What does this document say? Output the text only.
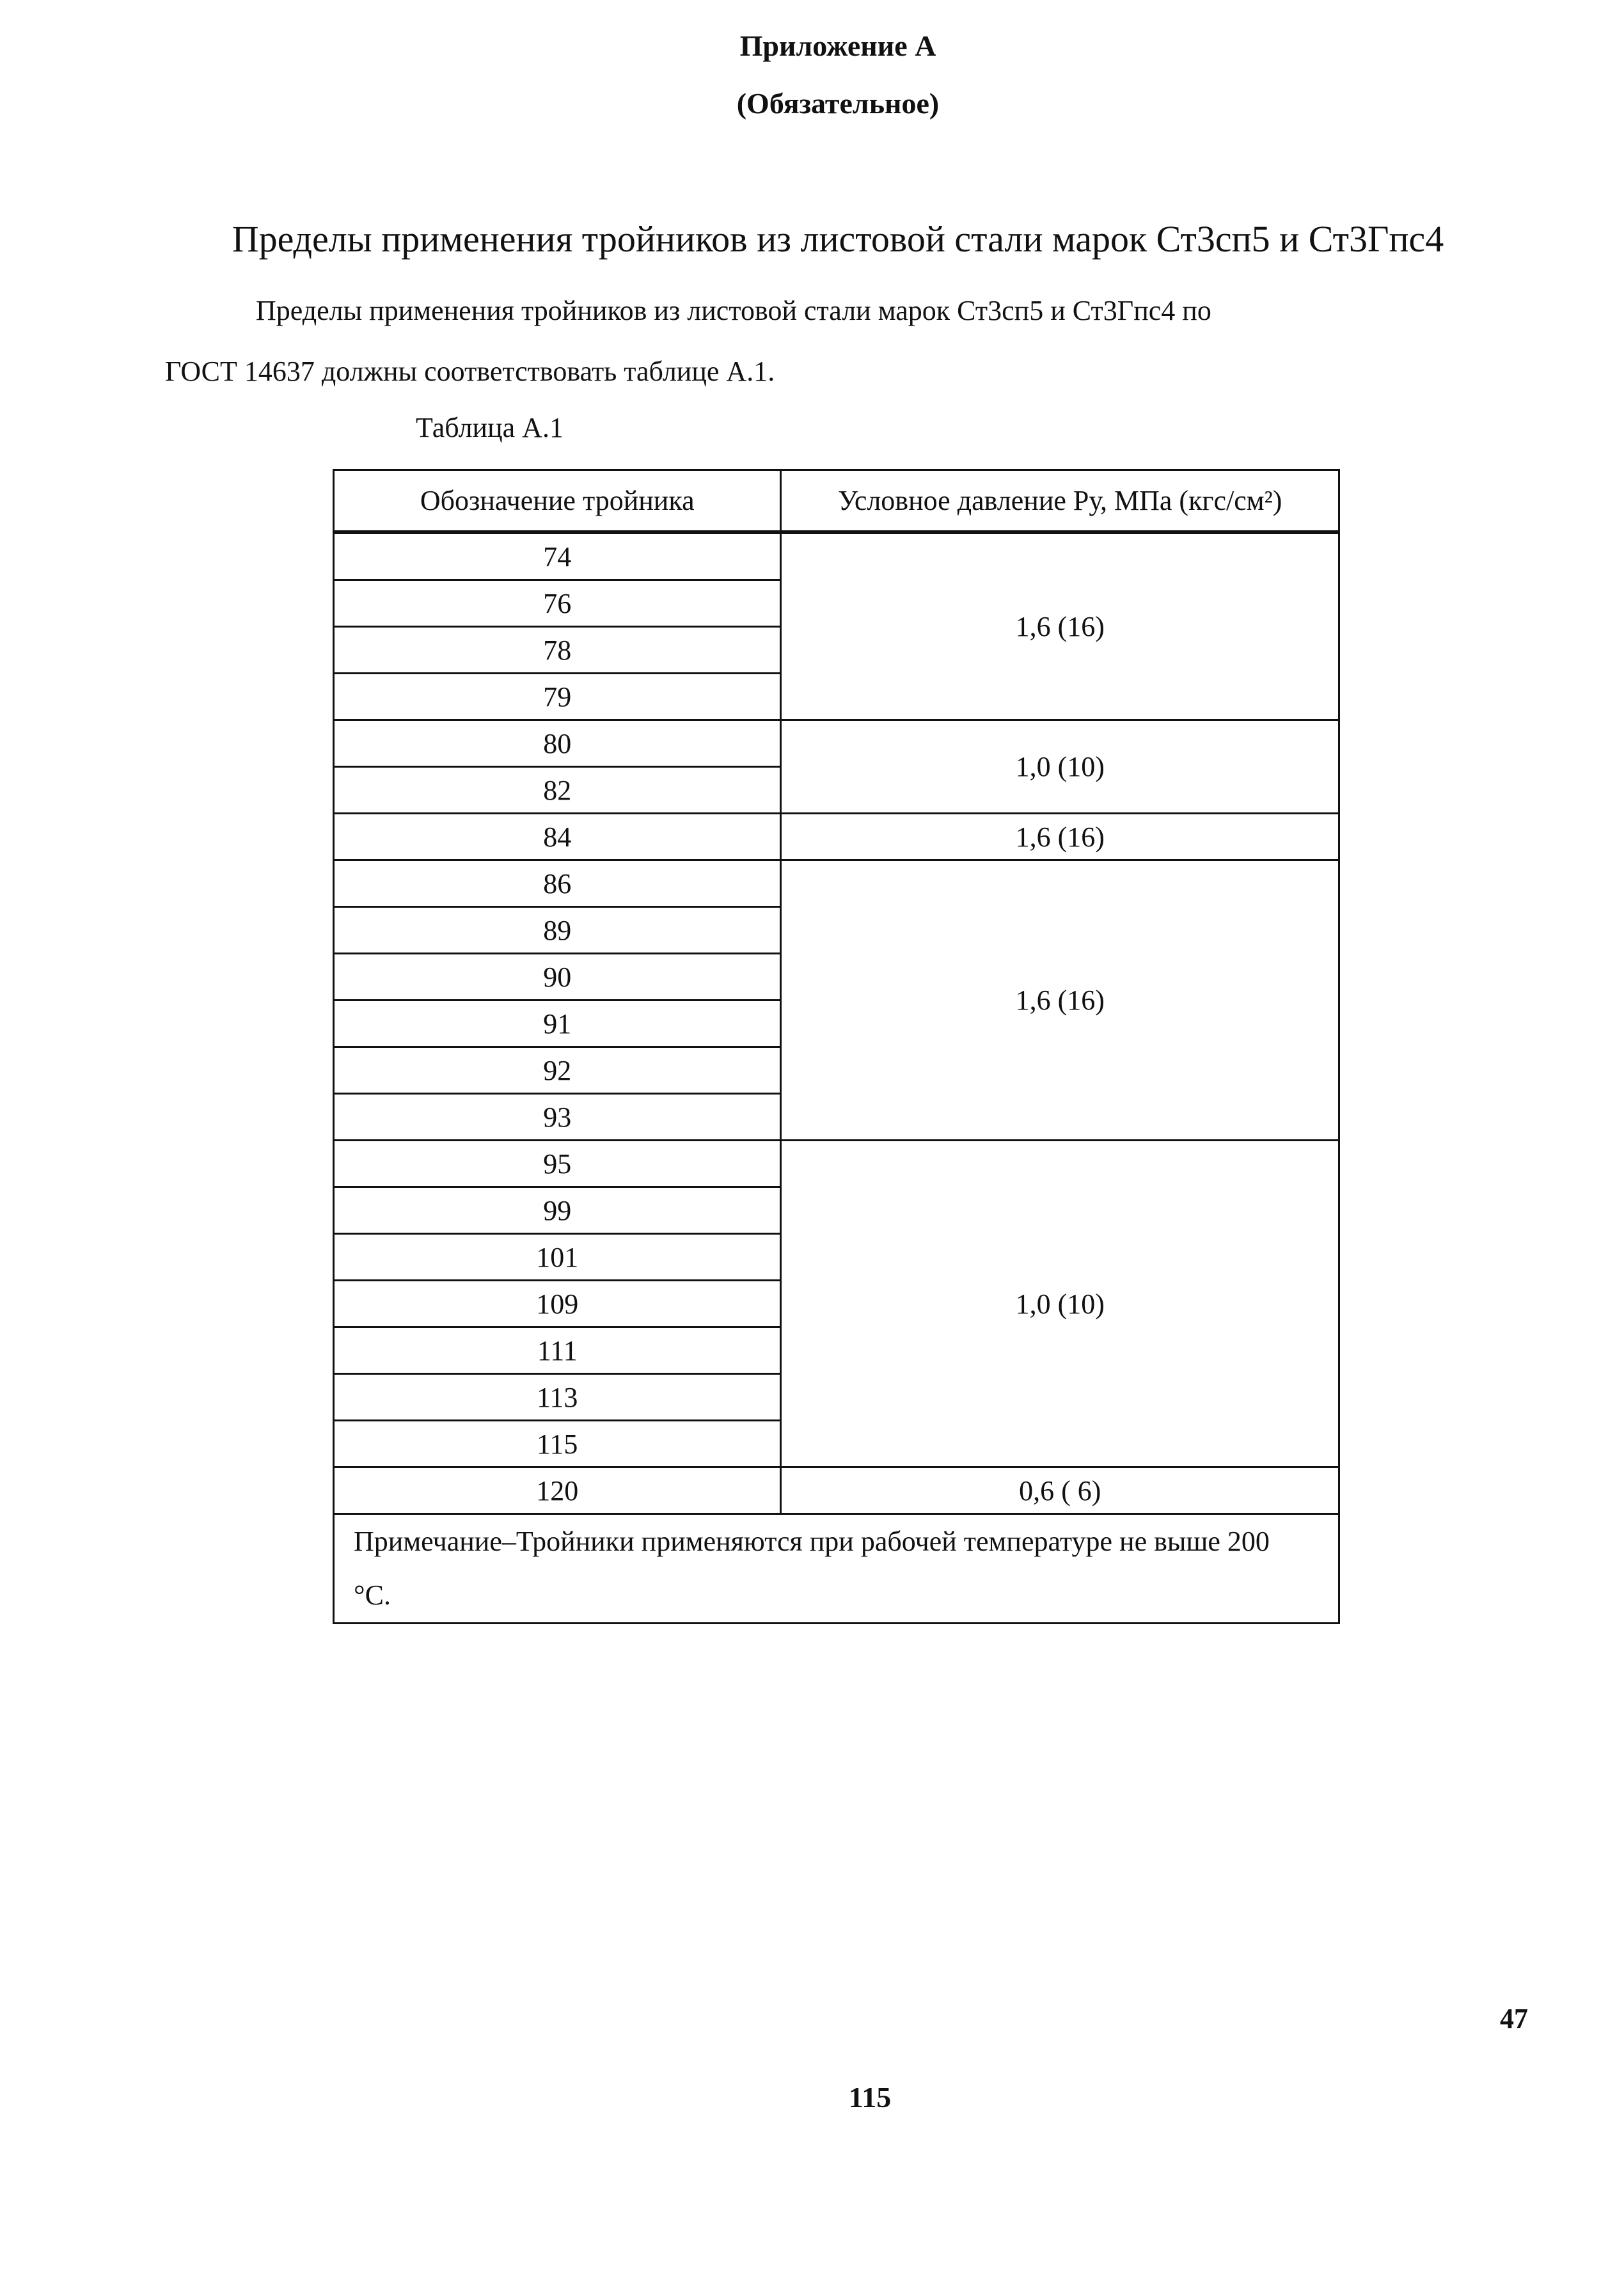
Приложение А
(Обязательное)
Пределы применения тройников из листовой стали марок Ст3сп5 и Ст3Гпс4
Пределы применения тройников из листовой стали марок Ст3сп5 и Ст3Гпс4 по
ГОСТ 14637 должны соответствовать таблице А.1.
Таблица А.1
Обозначение тройника	Условное давление Ру, МПа (кгс/см²)
74	1,6 (16)
76	
78	
79	
80	1,0 (10)
82	
84	1,6 (16)
86	1,6 (16)
89	
90	
91	
92	
93	
95	1,0 (10)
99	
101	
109	
111	
113	
115	
120	0,6 ( 6)
Примечание–Тройники применяются при рабочей температуре не выше 200 °С.	
47
115
